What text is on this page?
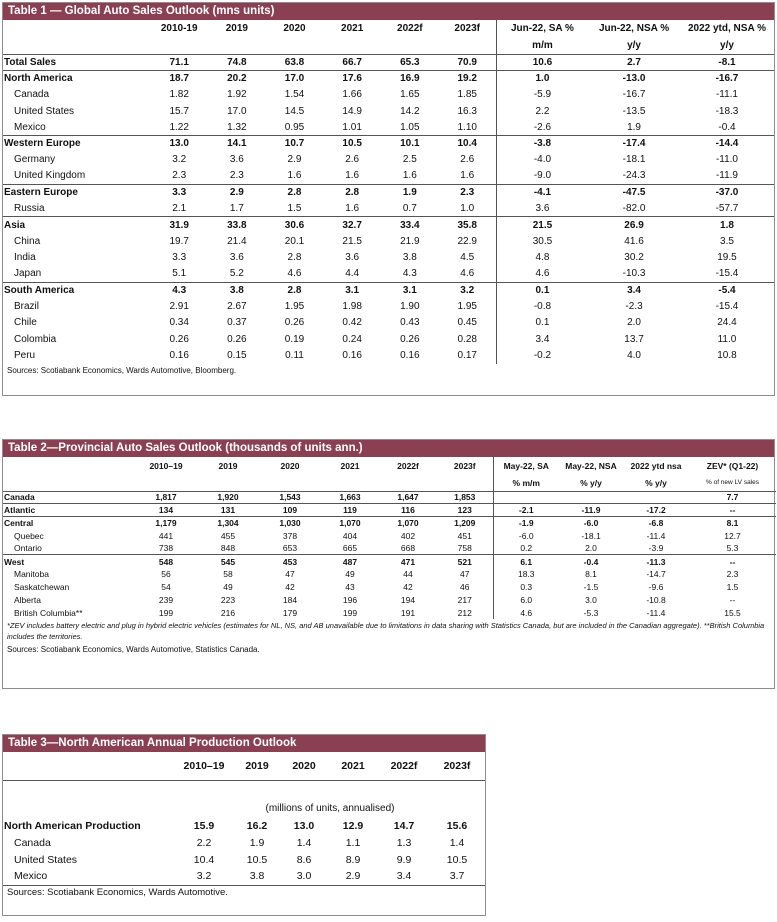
Table 1 — Global Auto Sales Outlook (mns units)
	2010-19	2019	2020	2021	2022f	2023f	Jun-22, SA %	Jun-22, NSA %	2022 ytd, NSA %
							m/m	y/y	y/y
Total Sales	71.1	74.8	63.8	66.7	65.3	70.9	10.6	2.7	-8.1
North America	18.7	20.2	17.0	17.6	16.9	19.2	1.0	-13.0	-16.7
Canada	1.82	1.92	1.54	1.66	1.65	1.85	-5.9	-16.7	-11.1
United States	15.7	17.0	14.5	14.9	14.2	16.3	2.2	-13.5	-18.3
Mexico	1.22	1.32	0.95	1.01	1.05	1.10	-2.6	1.9	-0.4
Western Europe	13.0	14.1	10.7	10.5	10.1	10.4	-3.8	-17.4	-14.4
Germany	3.2	3.6	2.9	2.6	2.5	2.6	-4.0	-18.1	-11.0
United Kingdom	2.3	2.3	1.6	1.6	1.6	1.6	-9.0	-24.3	-11.9
Eastern Europe	3.3	2.9	2.8	2.8	1.9	2.3	-4.1	-47.5	-37.0
Russia	2.1	1.7	1.5	1.6	0.7	1.0	3.6	-82.0	-57.7
Asia	31.9	33.8	30.6	32.7	33.4	35.8	21.5	26.9	1.8
China	19.7	21.4	20.1	21.5	21.9	22.9	30.5	41.6	3.5
India	3.3	3.6	2.8	3.6	3.8	4.5	4.8	30.2	19.5
Japan	5.1	5.2	4.6	4.4	4.3	4.6	4.6	-10.3	-15.4
South America	4.3	3.8	2.8	3.1	3.1	3.2	0.1	3.4	-5.4
Brazil	2.91	2.67	1.95	1.98	1.90	1.95	-0.8	-2.3	-15.4
Chile	0.34	0.37	0.26	0.42	0.43	0.45	0.1	2.0	24.4
Colombia	0.26	0.26	0.19	0.24	0.26	0.28	3.4	13.7	11.0
Peru	0.16	0.15	0.11	0.16	0.16	0.17	-0.2	4.0	10.8
Sources: Scotiabank Economics, Wards Automotive, Bloomberg.
Table 2—Provincial Auto Sales Outlook (thousands of units ann.)
	2010–19	2019	2020	2021	2022f	2023f	May-22, SA	May-22, NSA	2022 ytd nsa	ZEV* (Q1-22)
							% m/m	% y/y	% y/y	% of new LV sales
Canada	1,817	1,920	1,543	1,663	1,647	1,853				7.7
Atlantic	134	131	109	119	116	123	-2.1	-11.9	-17.2	--
Central	1,179	1,304	1,030	1,070	1,070	1,209	-1.9	-6.0	-6.8	8.1
Quebec	441	455	378	404	402	451	-6.0	-18.1	-11.4	12.7
Ontario	738	848	653	665	668	758	0.2	2.0	-3.9	5.3
West	548	545	453	487	471	521	6.1	-0.4	-11.3	--
Manitoba	56	58	47	49	44	47	18.3	8.1	-14.7	2.3
Saskatchewan	54	49	42	43	42	46	0.3	-1.5	-9.6	1.5
Alberta	239	223	184	196	194	217	6.0	3.0	-10.8	--
British Columbia**	199	216	179	199	191	212	4.6	-5.3	-11.4	15.5
*ZEV includes battery electric and plug in hybrid electric vehicles (estimates for NL, NS, and AB unavailable due to limitations in data sharing with Statistics Canada, but are included in the Canadian aggregate). **British Columbia includes the territories.
Sources: Scotiabank Economics, Wards Automotive, Statistics Canada.
Table 3—North American Annual Production Outlook
	2010–19	2019	2020	2021	2022f	2023f

	(millions of units, annualised)					
North American Production	15.9	16.2	13.0	12.9	14.7	15.6
Canada	2.2	1.9	1.4	1.1	1.3	1.4
United States	10.4	10.5	8.6	8.9	9.9	10.5
Mexico	3.2	3.8	3.0	2.9	3.4	3.7
Sources: Scotiabank Economics, Wards Automotive.
